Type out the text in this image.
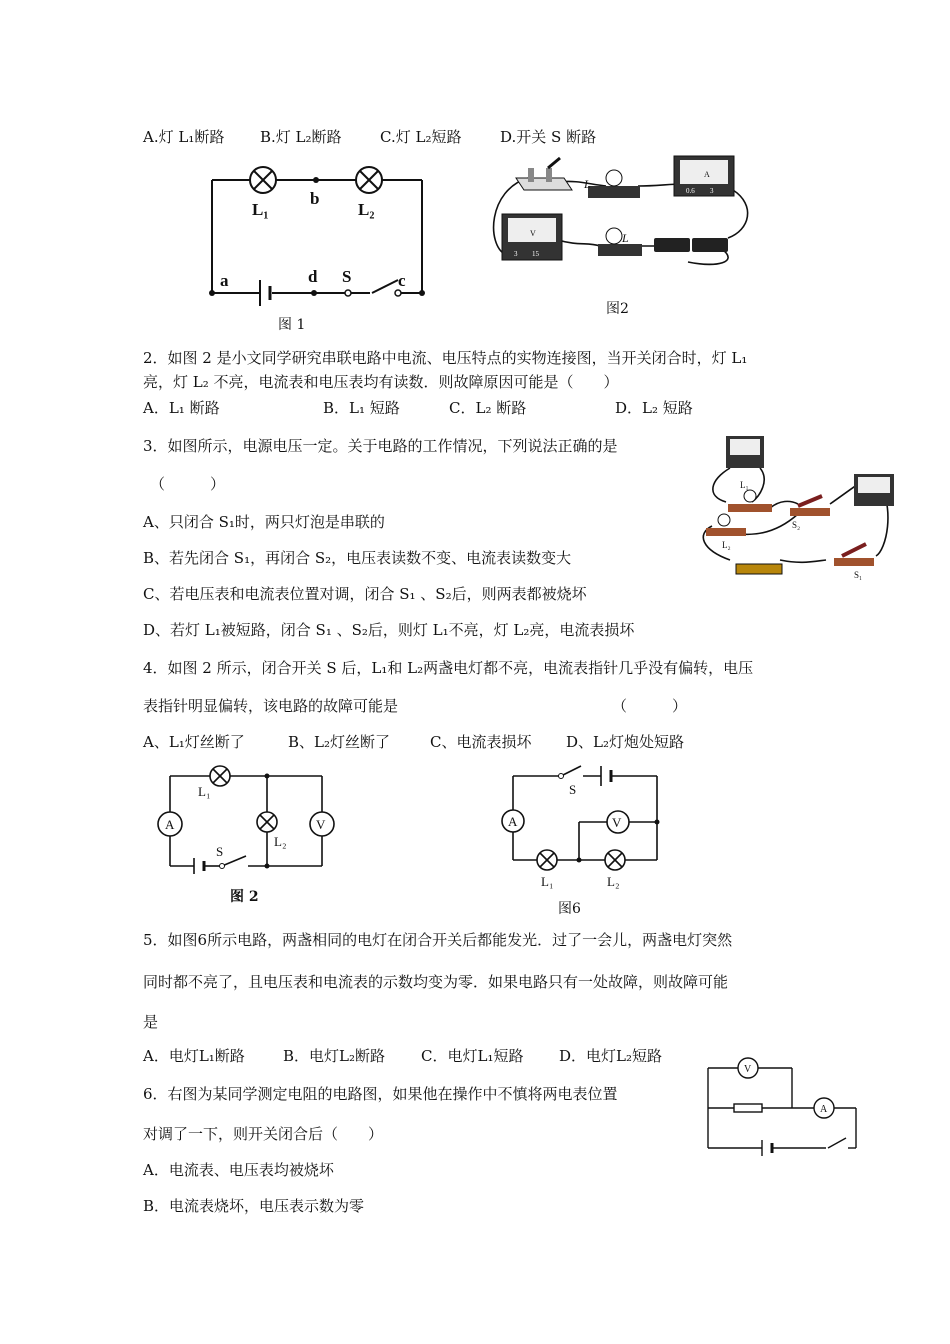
A.灯 L₁断路 B.灯 L₂断路	C.灯 L₂短路	D.开关 S 断路
L₁
b
L₂
a	d S	c
图 1
A
0.6 3
V
3 15
L
L
图2
2．如图 2 是小文同学研究串联电路中电流、电压特点的实物连接图，当开关闭合时，灯 L₁
亮，灯 L₂ 不亮，电流表和电压表均有读数．则故障原因可能是（　　）
A．L₁ 断路	B．L₁ 短路	C．L₂ 断路	D．L₂ 短路
3．如图所示，电源电压一定。关于电路的工作情况，下列说法正确的是
（　　　）
A、只闭合 S₁时，两只灯泡是串联的
B、若先闭合 S₁，再闭合 S₂，电压表读数不变、电流表读数变大
C、若电压表和电流表位置对调，闭合 S₁ 、S₂后，则两表都被烧坏
D、若灯 L₁被短路，闭合 S₁ 、S₂后，则灯 L₁不亮，灯 L₂亮，电流表损坏
L₁
S₂
L₂
S₁
4．如图 2 所示，闭合开关 S 后，L₁和 L₂两盏电灯都不亮，电流表指针几乎没有偏转，电压
表指针明显偏转，该电路的故障可能是	（　　　）
A、L₁灯丝断了	B、L₂灯丝断了	C、电流表损坏 D、L₂灯炮处短路
A
L₁
L₂
V
S
图 2
S
A	V
L₁	L₂
图6
5．如图6所示电路，两盏相同的电灯在闭合开关后都能发光．过了一会儿，两盏电灯突然
同时都不亮了，且电压表和电流表的示数均变为零．如果电路只有一处故障，则故障可能
是
A．电灯L₁断路	B．电灯L₂断路 C．电灯L₁短路 D．电灯L₂短路
6．右图为某同学测定电阻的电路图，如果他在操作中不慎将两电表位置
对调了一下，则开关闭合后（　　）
A．电流表、电压表均被烧坏
B．电流表烧坏，电压表示数为零
V
A
